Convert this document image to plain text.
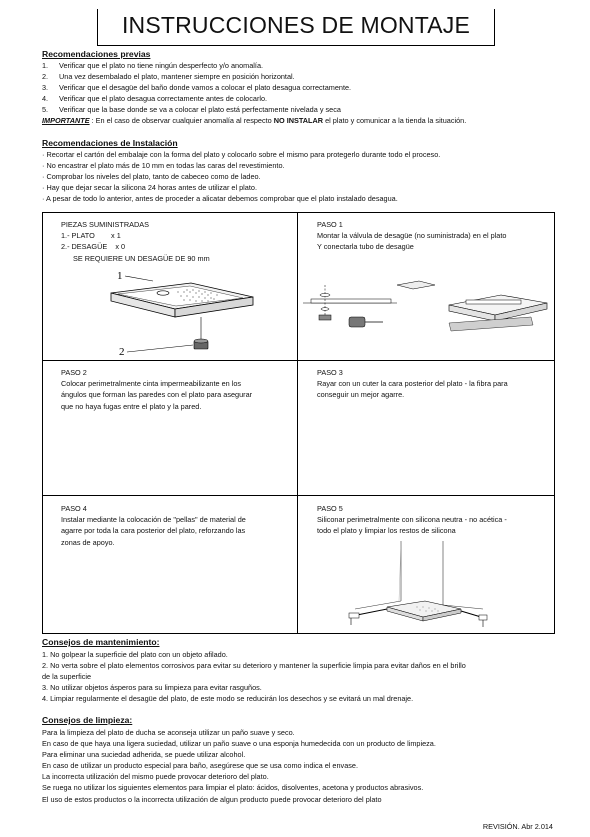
INSTRUCCIONES DE MONTAJE
Recomendaciones previas
1. Verificar que el plato no tiene ningún desperfecto y/o anomalía.
2. Una vez desembalado el plato, mantener siempre en posición horizontal.
3. Verificar que el desagüe del baño donde vamos a colocar el plato desagua correctamente.
4. Verificar que el plato desagua correctamente antes de colocarlo.
5. Verificar que la base donde se va a colocar el plato está perfectamente nivelada y seca
IMPORTANTE : En el caso de observar cualquier anomalía al respecto NO INSTALAR el plato y comunicar a la tienda la situación.
Recomendaciones de Instalación
· Recortar el cartón del embalaje con la forma del plato y colocarlo sobre el mismo para protegerlo durante todo el proceso.
· No encastrar el plato más de 10 mm en todas las caras del revestimiento.
· Comprobar los niveles del plato, tanto de cabeceo como de ladeo.
· Hay que dejar secar la silicona 24 horas antes de utilizar el plato.
· A pesar de todo lo anterior, antes de proceder a alicatar debemos comprobar que el plato instalado desagua.
PIEZAS SUMINISTRADAS
1.- PLATO        x 1
2.- DESAGÜE    x 0
SE REQUIERE UN DESAGÜE DE 90 mm
1
2
PASO 1
Montar la válvula de desagüe (no suministrada) en el plato
Y conectarla tubo de desagüe
PASO 2
Colocar perimetralmente cinta impermeabilizante en los
ángulos que forman las paredes con el plato para asegurar
que no haya fugas entre el plato y la pared.
PASO 3
Rayar con un cuter la cara posterior del plato - la fibra para
conseguir un mejor agarre.
PASO 4
Instalar mediante la colocación de "pellas" de material de
agarre por toda la cara posterior del plato, reforzando las
zonas de apoyo.
PASO 5
Siliconar perimetralmente con silicona neutra - no acética -
todo el plato y limpiar los restos de silicona
Consejos de mantenimiento:
1. No golpear la superficie del plato con un objeto afilado.
2. No verta sobre el plato elementos corrosivos para evitar su deterioro y mantener la superficie limpia para evitar daños en el brillo
de la superficie
3. No utilizar objetos ásperos para su limpieza para evitar rasguños.
4. Limpiar regularmente el desagüe del plato, de este modo se reducirán los desechos y se evitará un mal drenaje.
Consejos de limpieza:
Para la limpieza del plato de ducha se aconseja utilizar un paño suave y seco.
En caso de que haya una ligera suciedad, utilizar un paño suave o una esponja humedecida con un producto de limpieza.
Para eliminar una suciedad adherida, se puede utilizar alcohol.
En caso de utilizar un producto especial para baño, asegúrese que se usa como indica el envase.
La incorrecta utilización del mismo puede provocar deterioro del plato.
Se ruega no utilizar los siguientes elementos para limpiar el plato: ácidos, disolventes, acetona y productos abrasivos.
El uso de estos productos o la incorrecta utilización de algun producto puede provocar deterioro del plato
REVISIÓN. Abr 2.014
